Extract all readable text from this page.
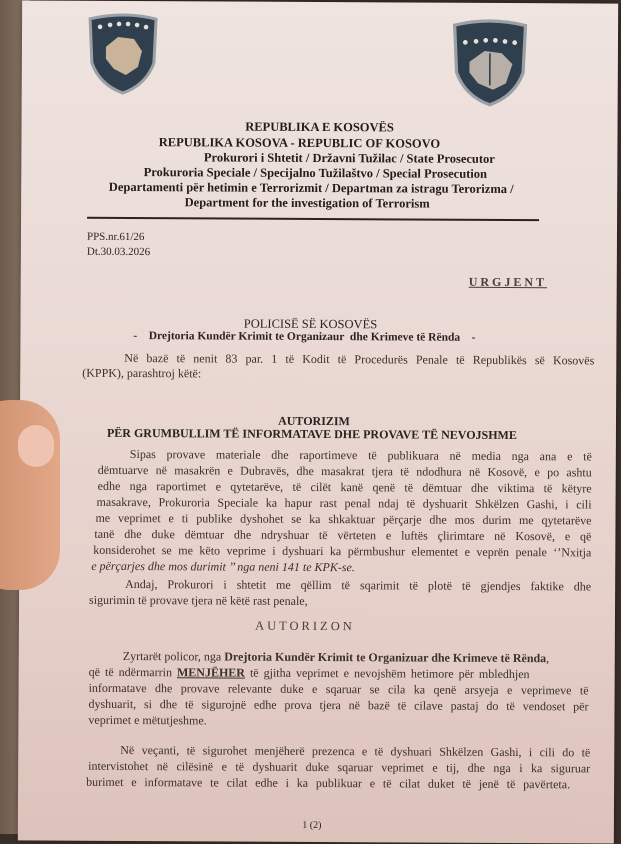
REPUBLIKA E KOSOVËS
REPUBLIKA KOSOVA - REPUBLIC OF KOSOVO
Prokurori i Shtetit / Državni Tužilac / State Prosecutor
Prokuroria Speciale / Specijalno Tužilaštvo / Special Prosecution
Departamenti për hetimin e Terrorizmit / Departman za istragu Terorizma /
Department for the investigation of Terrorism
PPS.nr.61/26
Dt.30.03.2026
URGJENT
POLICISË SË KOSOVËS
-    Drejtoria Kundër Krimit te Organizaur  dhe Krimeve të Rënda    -
Në bazë të nenit 83 par. 1 të Kodit të Procedurës Penale të Republikës së Kosovës
(KPPK), parashtroj këtë:
AUTORIZIM
PËR GRUMBULLIM TË INFORMATAVE DHE PROVAVE TË NEVOJSHME
Sipas provave materiale dhe raportimeve të publikuara në media nga ana e të
dëmtuarve në masakrën e Dubravës, dhe masakrat tjera të ndodhura në Kosovë, e po ashtu
edhe nga raportimet e qytetarëve, të cilët kanë qenë të dëmtuar dhe viktima të këtyre
masakrave, Prokuroria Speciale ka hapur rast penal ndaj të dyshuarit Shkëlzen Gashi, i cili
me veprimet e ti publike dyshohet se ka shkaktuar përçarje dhe mos durim me qytetarëve
tanë dhe duke dëmtuar dhe ndryshuar të vërteten e luftës çlirimtare në Kosovë, e që
konsiderohet se me këto veprime i dyshuari ka përmbushur elementet e veprën penale ‘’Nxitja
e përçarjes dhe mos durimit ’’ nga neni 141 te KPK-se.
Andaj, Prokurori i shtetit me qëllim të sqarimit të plotë të gjendjes faktike dhe
sigurimin të provave tjera në këtë rast penale,
AUTORIZON
Zyrtarët policor, nga Drejtoria Kundër Krimit te Organizuar dhe Krimeve të Rënda,
që të ndërmarrin MENJËHER të gjitha veprimet e nevojshëm hetimore për mbledhjen
informatave dhe provave relevante duke e sqaruar se cila ka qenë arsyeja e veprimeve të
dyshuarit, si dhe të sigurojnë edhe prova tjera në bazë të cilave pastaj do të vendoset për
veprimet e mëtutjeshme.
Në veçanti, të sigurohet menjëherë prezenca e të dyshuari Shkëlzen Gashi, i cili do të
intervistohet në cilësinë e të dyshuarit duke sqaruar veprimet e tij, dhe nga i ka siguruar
burimet e informatave te cilat edhe i ka publikuar e të cilat duket të jenë të pavërteta.
1 (2)
